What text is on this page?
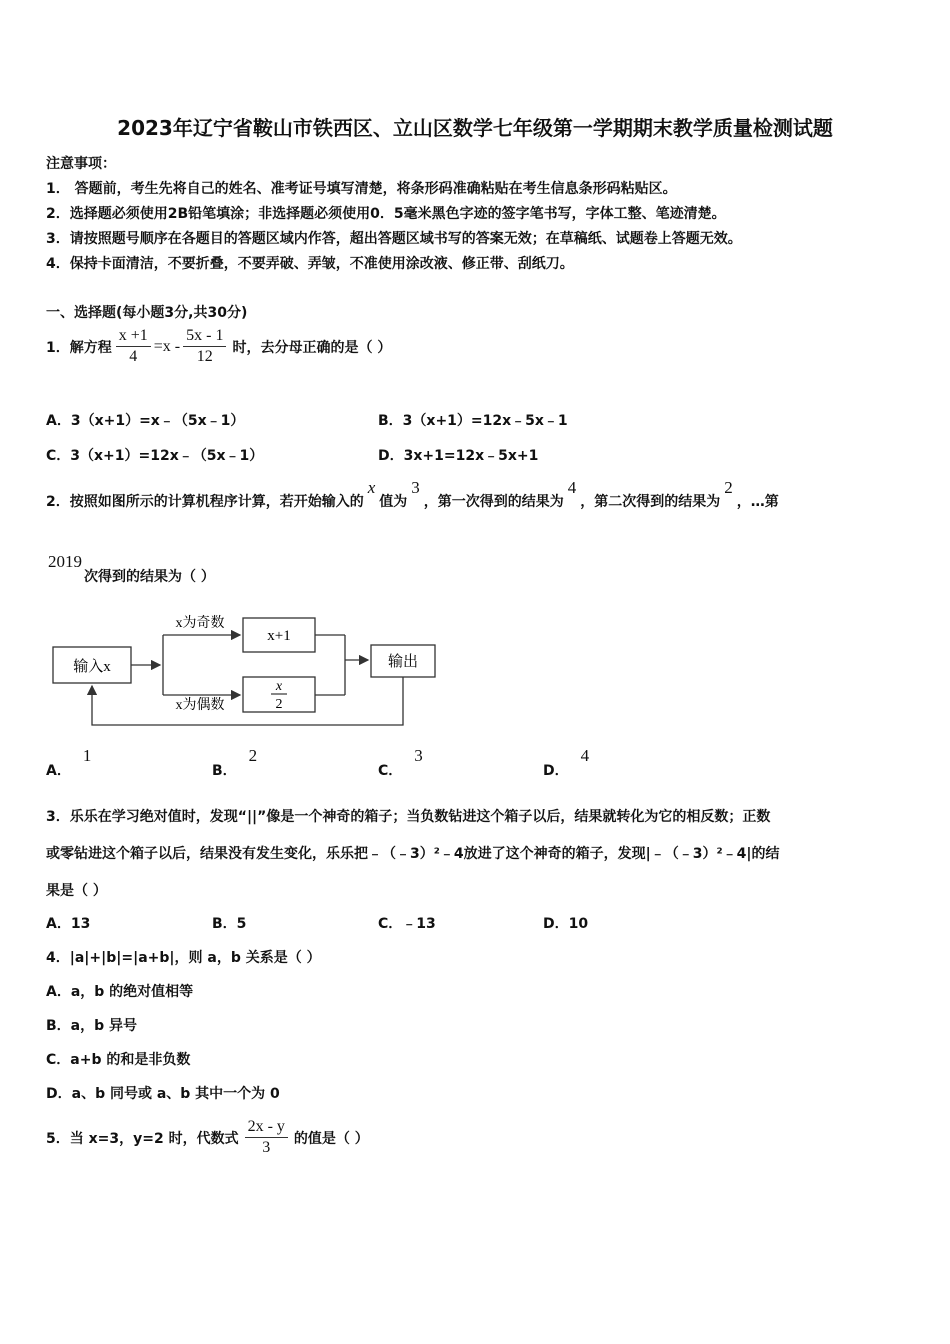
2023年辽宁省鞍山市铁西区、立山区数学七年级第一学期期末教学质量检测试题
注意事项：
1． 答题前，考生先将自己的姓名、准考证号填写清楚，将条形码准确粘贴在考生信息条形码粘贴区。
2．选择题必须使用2B铅笔填涂；非选择题必须使用0．5毫米黑色字迹的签字笔书写，字体工整、笔迹清楚。
3．请按照题号顺序在各题目的答题区域内作答，超出答题区域书写的答案无效；在草稿纸、试题卷上答题无效。
4．保持卡面清洁，不要折叠，不要弄破、弄皱，不准使用涂改液、修正带、刮纸刀。
一、选择题(每小题3分,共30分)
1．解方程 $\frac{x +1}{4} =x - \frac{5x - 1}{12}$ 时，去分母正确的是（ ）
A．3（x+1）=x﹣（5x﹣1）	B．3（x+1）=12x﹣5x﹣1
C．3（x+1）=12x﹣（5x﹣1）	D．3x+1=12x﹣5x+1
2．按照如图所示的计算机程序计算，若开始输入的
x
值为
3
，第一次得到的结果为
4
，第二次得到的结果为
2
，…第
2019
次得到的结果为（ ）
输入x
x为奇数
x为偶数
x+1
x
2
输出
A．
1
B．
2
C．
3
D．
4
3．乐乐在学习绝对值时，发现“||”像是一个神奇的箱子；当负数钻进这个箱子以后，结果就转化为它的相反数；正数
或零钻进这个箱子以后，结果没有发生变化，乐乐把﹣（﹣3）²﹣4放进了这个神奇的箱子，发现|﹣（﹣3）²﹣4|的结
果是（ ）
A．13	B．5	C．﹣13	D．10
4．|a|+|b|=|a+b|，则 a，b 关系是（ ）
A．a，b 的绝对值相等
B．a，b 异号
C．a+b 的和是非负数
D．a、b 同号或 a、b 其中一个为 0
5．当 x=3，y=2 时，代数式 $\frac{2x - y}{3}$ 的值是（ ）
